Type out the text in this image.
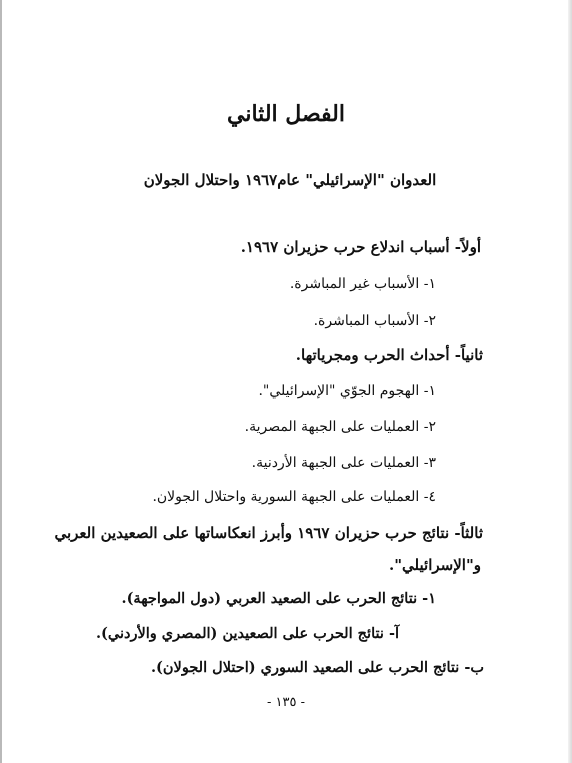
الفصل الثاني
العدوان "الإسرائيلي" عام١٩٦٧ واحتلال الجولان
أولاً- أسباب اندلاع حرب حزيران ١٩٦٧.
١- الأسباب غير المباشرة.
٢- الأسباب المباشرة.
ثانياً- أحداث الحرب ومجرياتها.
١- الهجوم الجوّي "الإسرائيلي".
٢- العمليات على الجبهة المصرية.
٣- العمليات على الجبهة الأردنية.
٤- العمليات على الجبهة السورية واحتلال الجولان.
ثالثاً- نتائج حرب حزيران ١٩٦٧ وأبرز انعكاساتها على الصعيدين العربي
و"الإسرائيلي".
١- نتائج الحرب على الصعيد العربي (دول المواجهة).
آ- نتائج الحرب على الصعيدين (المصري والأردني).
ب- نتائج الحرب على الصعيد السوري (احتلال الجولان).
- ١٣٥ -
